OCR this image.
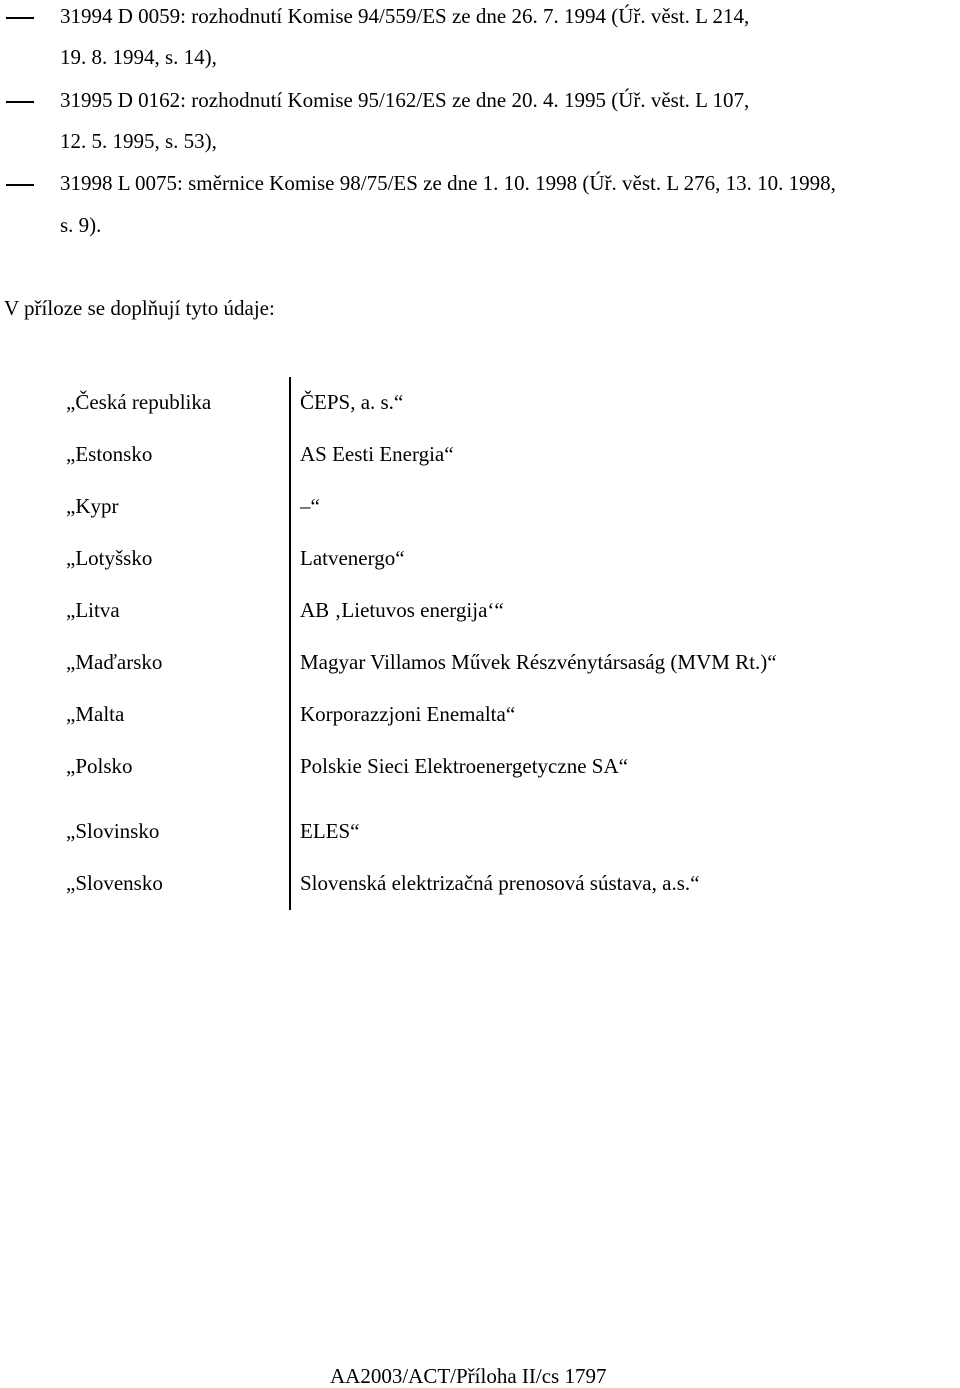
31994 D 0059: rozhodnutí Komise 94/559/ES ze dne 26. 7. 1994 (Úř. věst. L 214,
19. 8. 1994, s. 14),
31995 D 0162: rozhodnutí Komise 95/162/ES ze dne 20. 4. 1995 (Úř. věst. L 107,
12. 5. 1995, s. 53),
31998 L 0075: směrnice Komise 98/75/ES ze dne 1. 10. 1998 (Úř. věst. L 276, 13. 10. 1998,
s. 9).
V příloze se doplňují tyto údaje:
„Česká republika	ČEPS, a. s.“
„Estonsko	AS Eesti Energia“
„Kypr	–“
„Lotyšsko	Latvenergo“
„Litva	AB ‚Lietuvos energija‘“
„Maďarsko	Magyar Villamos Művek Részvénytársaság (MVM Rt.)“
„Malta	Korporazzjoni Enemalta“
„Polsko	Polskie Sieci Elektroenergetyczne SA“
„Slovinsko	ELES“
„Slovensko	Slovenská elektrizačná prenosová sústava, a.s.“
AA2003/ACT/Příloha II/cs 1797
